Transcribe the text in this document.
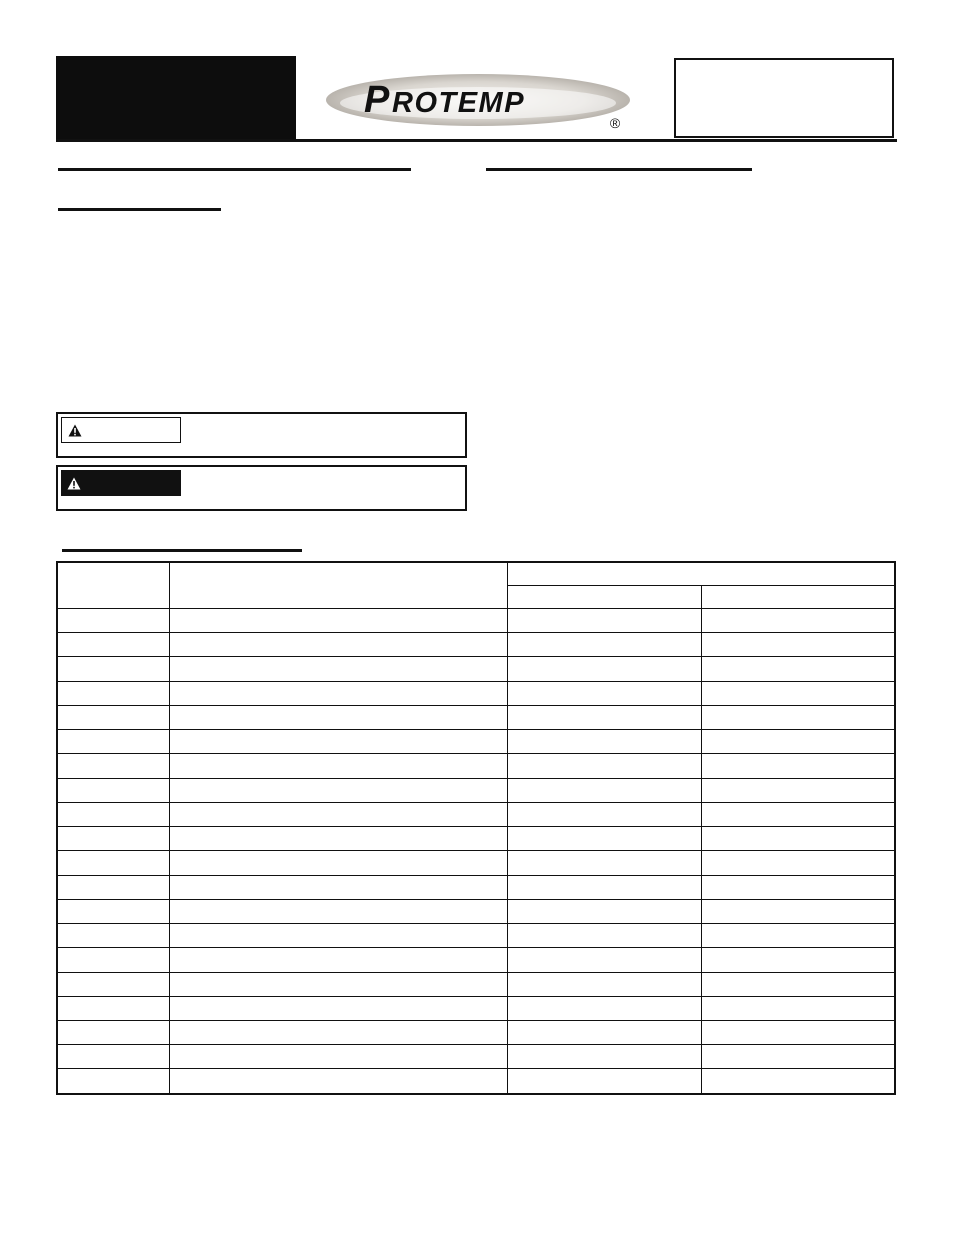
P ROTEMP
®
